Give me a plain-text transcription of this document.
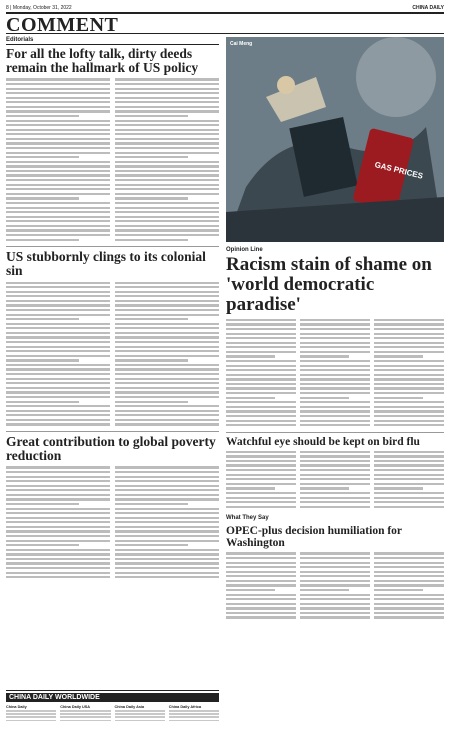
8 | Monday, October 31, 2022	CHINA DAILY
COMMENT
Editorials
For all the lofty talk, dirty deeds remain the hallmark of US policy
US stubbornly clings to its colonial sin
Great contribution to global poverty reduction
CHINA DAILY WORLDWIDE
China Daily	China Daily USA	China Daily Asia	China Daily Africa
GAS PRICES
Cai Meng
Opinion Line
Racism stain of shame on 'world democratic paradise'
Watchful eye should be kept on bird flu
What They Say
OPEC-plus decision humiliation for Washington
